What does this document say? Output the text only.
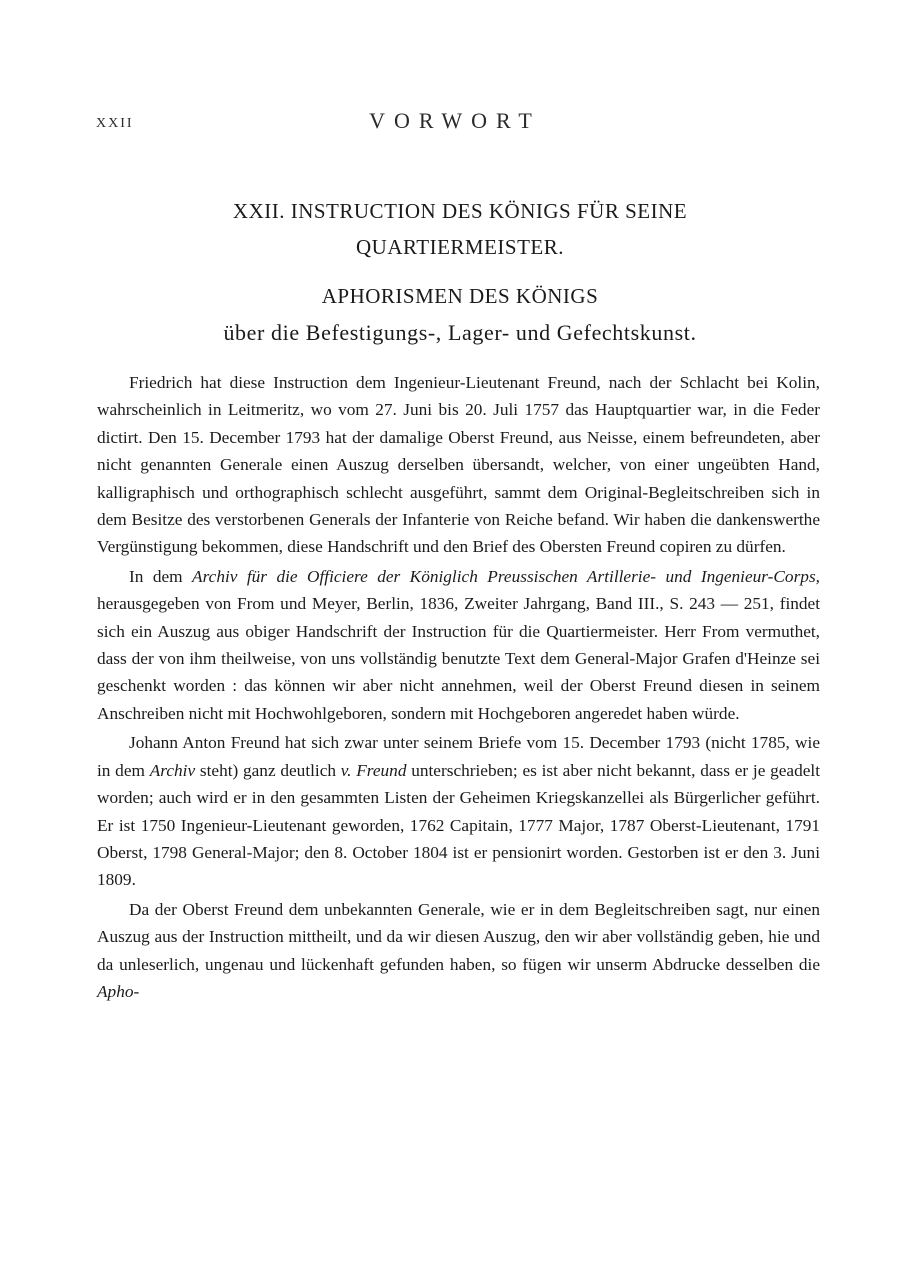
XXII	VORWORT
XXII. INSTRUCTION DES KÖNIGS FÜR SEINE
QUARTIERMEISTER.
APHORISMEN DES KÖNIGS
über die Befestigungs-, Lager- und Gefechtskunst.

Friedrich hat diese Instruction dem Ingenieur-Lieutenant Freund, nach der Schlacht bei Kolin, wahrscheinlich in Leitmeritz, wo vom 27. Juni bis 20. Juli 1757 das Hauptquartier war, in die Feder dictirt. Den 15. December 1793 hat der damalige Oberst Freund, aus Neisse, einem befreundeten, aber nicht genannten Generale einen Auszug derselben übersandt, welcher, von einer ungeübten Hand, kalligraphisch und orthographisch schlecht ausgeführt, sammt dem Original-Begleitschreiben sich in dem Besitze des verstorbenen Generals der Infanterie von Reiche befand. Wir haben die dankenswerthe Vergünstigung bekommen, diese Handschrift und den Brief des Obersten Freund copiren zu dürfen.

In dem Archiv für die Officiere der Königlich Preussischen Artillerie- und Ingenieur-Corps, herausgegeben von From und Meyer, Berlin, 1836, Zweiter Jahrgang, Band III., S. 243 — 251, findet sich ein Auszug aus obiger Handschrift der Instruction für die Quartiermeister. Herr From vermuthet, dass der von ihm theilweise, von uns vollständig benutzte Text dem General-Major Grafen d'Heinze sei geschenkt worden : das können wir aber nicht annehmen, weil der Oberst Freund diesen in seinem Anschreiben nicht mit Hochwohlgeboren, sondern mit Hochgeboren angeredet haben würde.

Johann Anton Freund hat sich zwar unter seinem Briefe vom 15. December 1793 (nicht 1785, wie in dem Archiv steht) ganz deutlich v. Freund unterschrieben; es ist aber nicht bekannt, dass er je geadelt worden; auch wird er in den gesammten Listen der Geheimen Kriegskanzellei als Bürgerlicher geführt. Er ist 1750 Ingenieur-Lieutenant geworden, 1762 Capitain, 1777 Major, 1787 Oberst-Lieutenant, 1791 Oberst, 1798 General-Major; den 8. October 1804 ist er pensionirt worden. Gestorben ist er den 3. Juni 1809.

Da der Oberst Freund dem unbekannten Generale, wie er in dem Begleitschreiben sagt, nur einen Auszug aus der Instruction mittheilt, und da wir diesen Auszug, den wir aber vollständig geben, hie und da unleserlich, ungenau und lückenhaft gefunden haben, so fügen wir unserm Abdrucke desselben die Apho-
